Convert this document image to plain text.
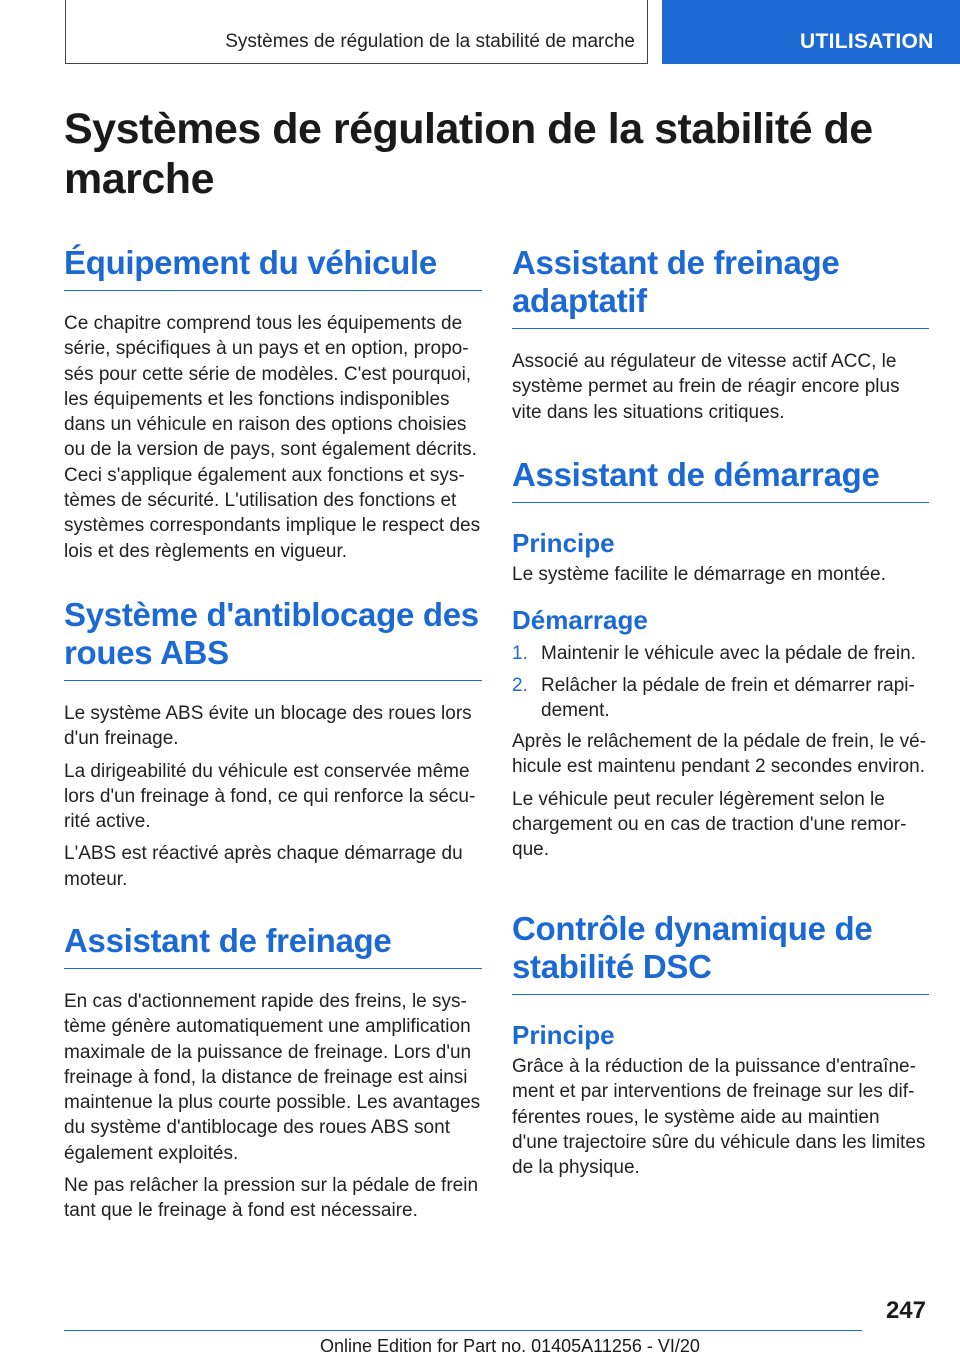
Systèmes de régulation de la stabilité de marche	UTILISATION
Systèmes de régulation de la stabilité de marche
Équipement du véhicule

Ce chapitre comprend tous les équipements de série, spécifiques à un pays et en option, proposés pour cette série de modèles. C'est pourquoi, les équipements et les fonctions indisponibles dans un véhicule en raison des options choisies ou de la version de pays, sont également décrits. Ceci s'applique également aux fonctions et systèmes de sécurité. L'utilisation des fonctions et systèmes correspondants implique le respect des lois et des règlements en vigueur.

Système d'antiblocage des roues ABS

Le système ABS évite un blocage des roues lors d'un freinage.

La dirigeabilité du véhicule est conservée même lors d'un freinage à fond, ce qui renforce la sécurité active.

L'ABS est réactivé après chaque démarrage du moteur.

Assistant de freinage

En cas d'actionnement rapide des freins, le système génère automatiquement une amplification maximale de la puissance de freinage. Lors d'un freinage à fond, la distance de freinage est ainsi maintenue la plus courte possible. Les avantages du système d'antiblocage des roues ABS sont également exploités.

Ne pas relâcher la pression sur la pédale de frein tant que le freinage à fond est nécessaire.

Assistant de freinage adaptatif

Associé au régulateur de vitesse actif ACC, le système permet au frein de réagir encore plus vite dans les situations critiques.

Assistant de démarrage
Principe

Le système facilite le démarrage en montée.

Démarrage
1. Maintenir le véhicule avec la pédale de frein.
2. Relâcher la pédale de frein et démarrer rapidement.

Après le relâchement de la pédale de frein, le véhicule est maintenu pendant 2 secondes environ.

Le véhicule peut reculer légèrement selon le chargement ou en cas de traction d'une remorque.

Contrôle dynamique de stabilité DSC
Principe

Grâce à la réduction de la puissance d'entraînement et par interventions de freinage sur les différentes roues, le système aide au maintien d'une trajectoire sûre du véhicule dans les limites de la physique.

247
Online Edition for Part no. 01405A11256 - VI/20
